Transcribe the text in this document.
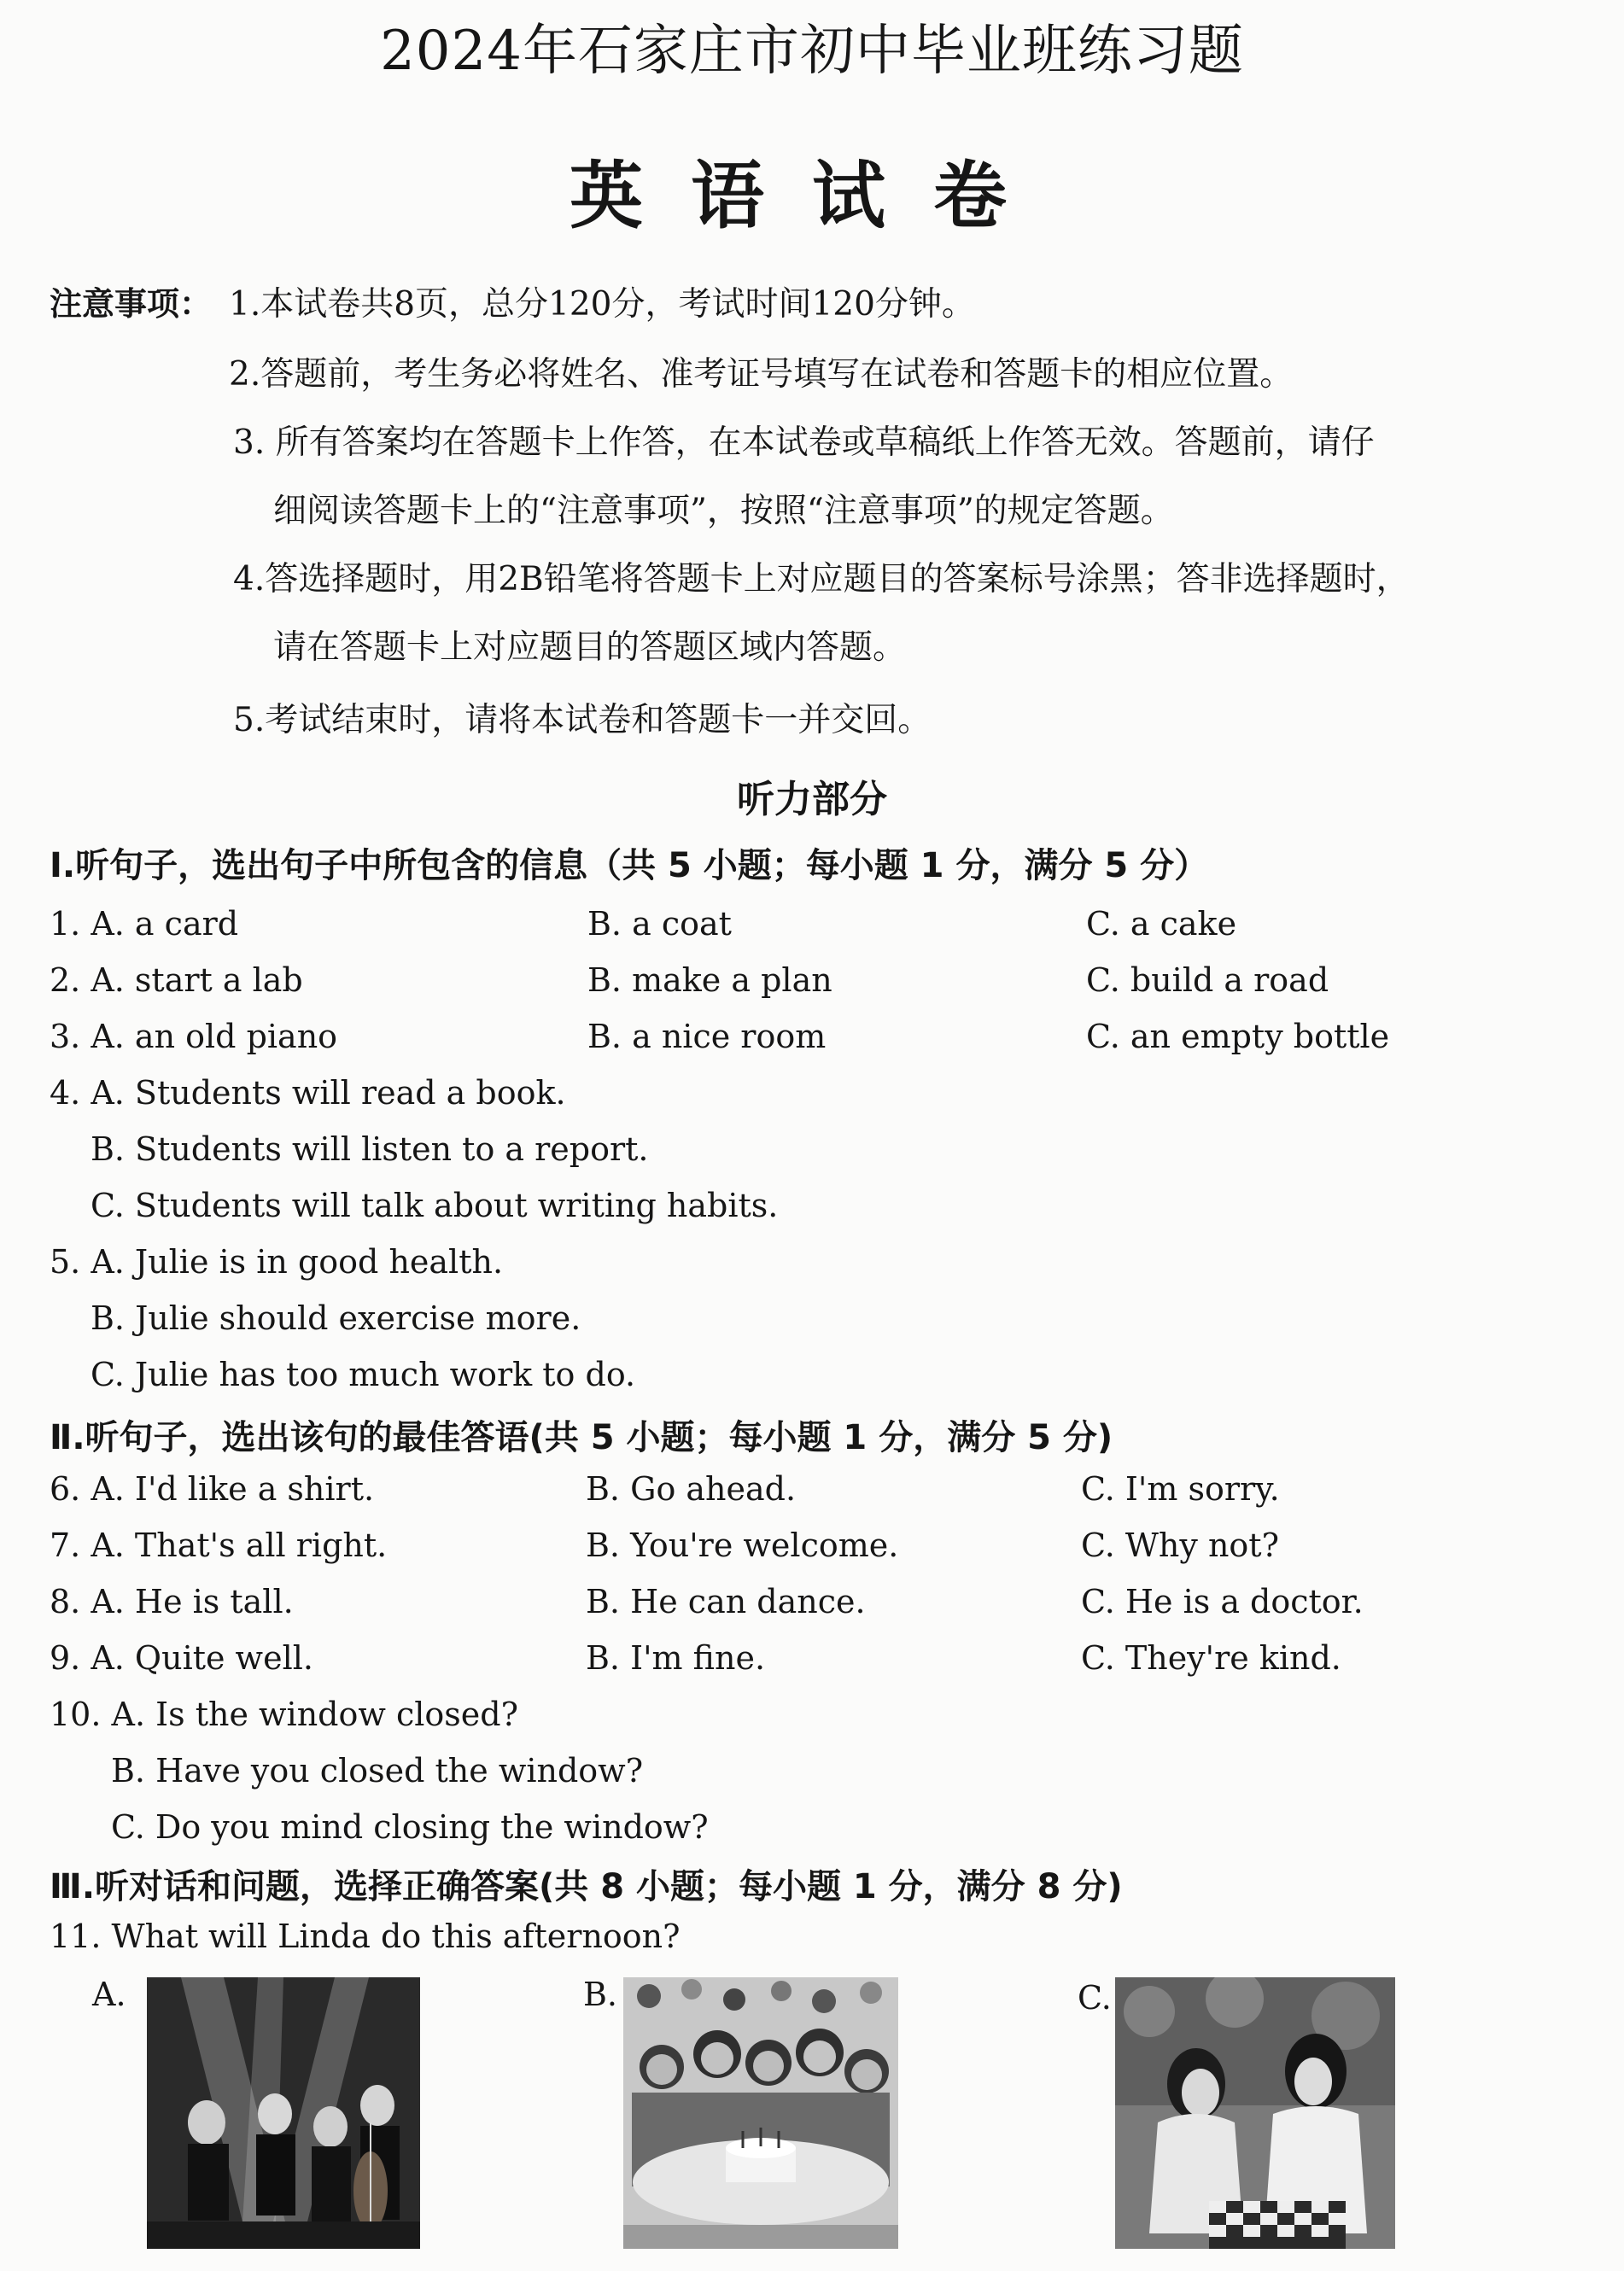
2024年石家庄市初中毕业班练习题
英语试卷
注意事项： 1.本试卷共8页，总分120分，考试时间120分钟。
2.答题前，考生务必将姓名、准考证号填写在试卷和答题卡的相应位置。
3. 所有答案均在答题卡上作答，在本试卷或草稿纸上作答无效。答题前，请仔
细阅读答题卡上的“注意事项”，按照“注意事项”的规定答题。
4.答选择题时，用2B铅笔将答题卡上对应题目的答案标号涂黑；答非选择题时，
请在答题卡上对应题目的答题区域内答题。
5.考试结束时，请将本试卷和答题卡一并交回。
听力部分
Ⅰ.听句子，选出句子中所包含的信息（共 5 小题；每小题 1 分，满分 5 分）
1. A. a card	B. a coat	C. a cake
2. A. start a lab	B. make a plan	C. build a road
3. A. an old piano	B. a nice room	C. an empty bottle
4. A. Students will read a book.
B. Students will listen to a report.
C. Students will talk about writing habits.
5. A. Julie is in good health.
B. Julie should exercise more.
C. Julie has too much work to do.
Ⅱ.听句子，选出该句的最佳答语(共 5 小题；每小题 1 分，满分 5 分)
6. A. I'd like a shirt.	B. Go ahead.	C. I'm sorry.
7. A. That's all right.	B. You're welcome.	C. Why not?
8. A. He is tall.	B. He can dance.	C. He is a doctor.
9. A. Quite well.	B. I'm fine.	C. They're kind.
10. A. Is the window closed?
B. Have you closed the window?
C. Do you mind closing the window?
Ⅲ.听对话和问题，选择正确答案(共 8 小题；每小题 1 分，满分 8 分)
11. What will Linda do this afternoon?
A.	B.	C.
